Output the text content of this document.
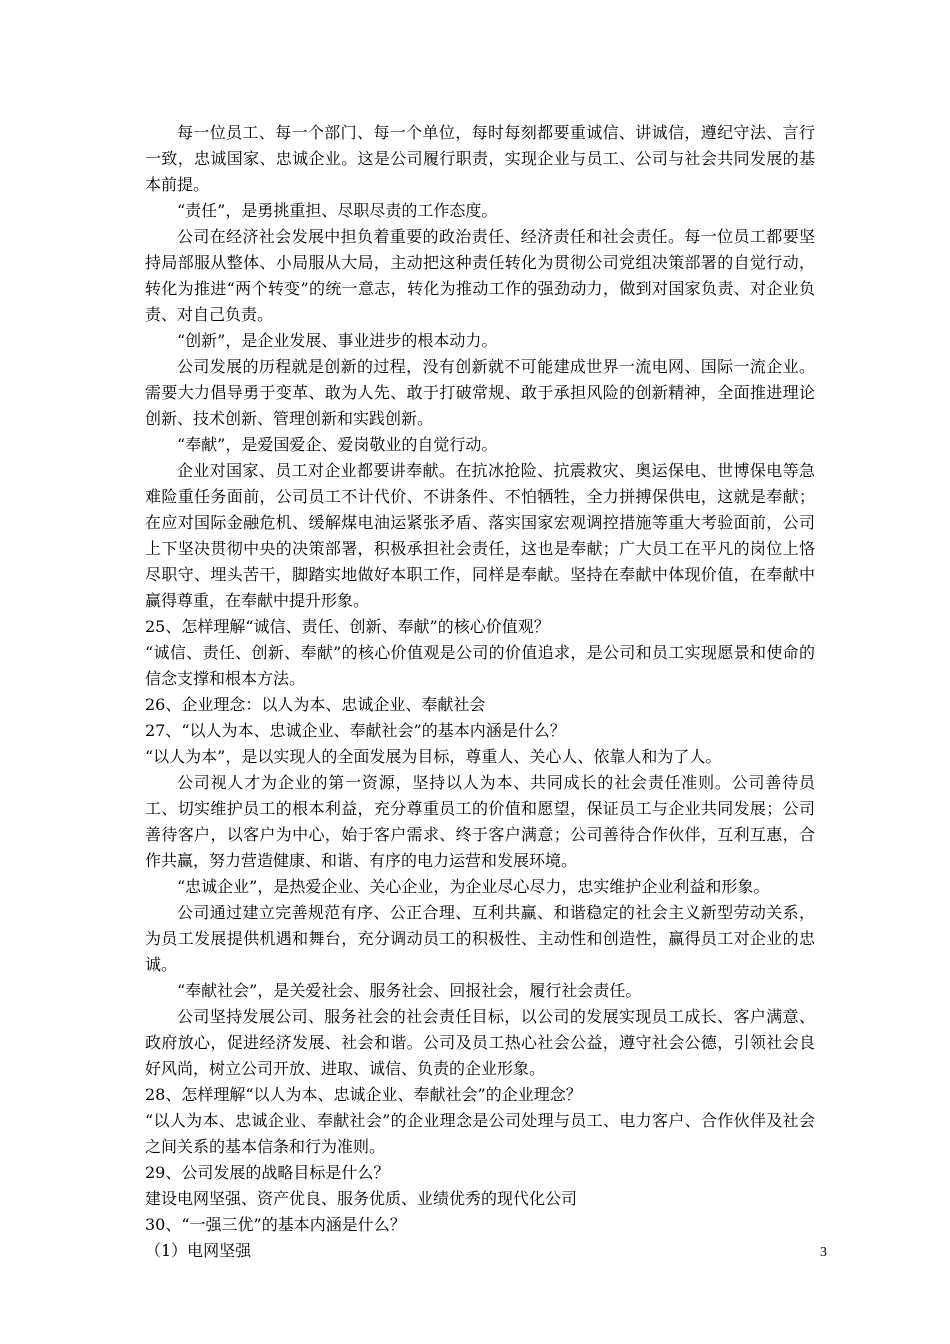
每一位员工、每一个部门、每一个单位，每时每刻都要重诚信、讲诚信，遵纪守法、言行一致，忠诚国家、忠诚企业。这是公司履行职责，实现企业与员工、公司与社会共同发展的基本前提。

“责任”，是勇挑重担、尽职尽责的工作态度。

公司在经济社会发展中担负着重要的政治责任、经济责任和社会责任。每一位员工都要坚持局部服从整体、小局服从大局，主动把这种责任转化为贯彻公司党组决策部署的自觉行动，转化为推进“两个转变”的统一意志，转化为推动工作的强劲动力，做到对国家负责、对企业负责、对自己负责。

“创新”，是企业发展、事业进步的根本动力。

公司发展的历程就是创新的过程，没有创新就不可能建成世界一流电网、国际一流企业。需要大力倡导勇于变革、敢为人先、敢于打破常规、敢于承担风险的创新精神，全面推进理论创新、技术创新、管理创新和实践创新。

“奉献”，是爱国爱企、爱岗敬业的自觉行动。

企业对国家、员工对企业都要讲奉献。在抗冰抢险、抗震救灾、奥运保电、世博保电等急难险重任务面前，公司员工不计代价、不讲条件、不怕牺牲，全力拼搏保供电，这就是奉献；在应对国际金融危机、缓解煤电油运紧张矛盾、落实国家宏观调控措施等重大考验面前，公司上下坚决贯彻中央的决策部署，积极承担社会责任，这也是奉献；广大员工在平凡的岗位上恪尽职守、埋头苦干，脚踏实地做好本职工作，同样是奉献。坚持在奉献中体现价值，在奉献中赢得尊重，在奉献中提升形象。

25、怎样理解“诚信、责任、创新、奉献”的核心价值观？

“诚信、责任、创新、奉献”的核心价值观是公司的价值追求，是公司和员工实现愿景和使命的信念支撑和根本方法。

26、企业理念：以人为本、忠诚企业、奉献社会

27、“以人为本、忠诚企业、奉献社会”的基本内涵是什么？

“以人为本”，是以实现人的全面发展为目标，尊重人、关心人、依靠人和为了人。

公司视人才为企业的第一资源，坚持以人为本、共同成长的社会责任准则。公司善待员工、切实维护员工的根本利益，充分尊重员工的价值和愿望，保证员工与企业共同发展；公司善待客户，以客户为中心，始于客户需求、终于客户满意；公司善待合作伙伴，互利互惠，合作共赢，努力营造健康、和谐、有序的电力运营和发展环境。

“忠诚企业”，是热爱企业、关心企业，为企业尽心尽力，忠实维护企业利益和形象。

公司通过建立完善规范有序、公正合理、互利共赢、和谐稳定的社会主义新型劳动关系，为员工发展提供机遇和舞台，充分调动员工的积极性、主动性和创造性，赢得员工对企业的忠诚。

“奉献社会”，是关爱社会、服务社会、回报社会，履行社会责任。

公司坚持发展公司、服务社会的社会责任目标，以公司的发展实现员工成长、客户满意、政府放心，促进经济发展、社会和谐。公司及员工热心社会公益，遵守社会公德，引领社会良好风尚，树立公司开放、进取、诚信、负责的企业形象。

28、怎样理解“以人为本、忠诚企业、奉献社会”的企业理念？

“以人为本、忠诚企业、奉献社会”的企业理念是公司处理与员工、电力客户、合作伙伴及社会之间关系的基本信条和行为准则。

29、公司发展的战略目标是什么？

建设电网坚强、资产优良、服务优质、业绩优秀的现代化公司

30、“一强三优”的基本内涵是什么？

（1）电网坚强	3
